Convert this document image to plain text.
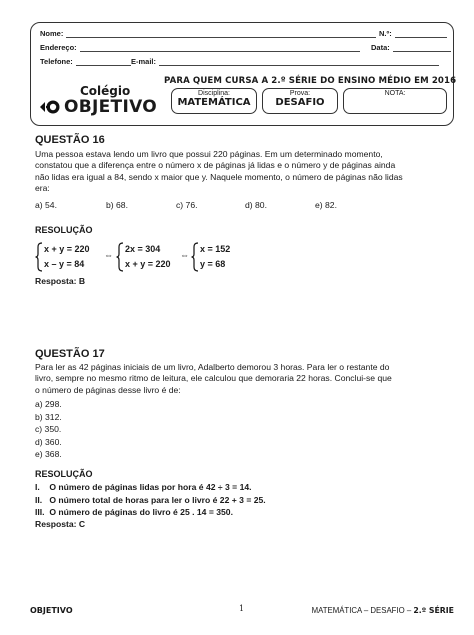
Nome:	N.º:
Endereço:	Data:
Telefone:	E-mail:
Colégio
OBJETIVO
PARA QUEM CURSA A 2.º SÉRIE DO ENSINO MÉDIO EM 2016
Disciplina:
MATEMÁTICA
Prova:
DESAFIO
NOTA:
QUESTÃO 16
Uma pessoa estava lendo um livro que possui 220 páginas. Em um determinado momento,
constatou que a diferença entre o número x de páginas já lidas e o número y de páginas ainda
não lidas era igual a 84, sendo x maior que y. Naquele momento, o número de páginas não lidas
era:
a) 54.	b) 68.	c) 76.	d) 80.	e) 82.
RESOLUÇÃO
x + y = 220
x – y = 84
⇔
2x = 304
x + y = 220
⇔
x = 152
y = 68
Resposta: B
QUESTÃO 17
Para ler as 42 páginas iniciais de um livro, Adalberto demorou 3 horas. Para ler o restante do
livro, sempre no mesmo ritmo de leitura, ele calculou que demoraria 22 horas. Conclui-se que
o número de páginas desse livro é de:
a) 298.
b) 312.
c) 350.
d) 360.
e) 368.
RESOLUÇÃO
I.    O número de páginas lidas por hora é 42 ÷ 3 = 14.
II.   O número total de horas para ler o livro é 22 + 3 = 25.
III.  O número de páginas do livro é 25 . 14 = 350.
Resposta: C
OBJETIVO	1	MATEMÁTICA – DESAFIO – 2.º SÉRIE
